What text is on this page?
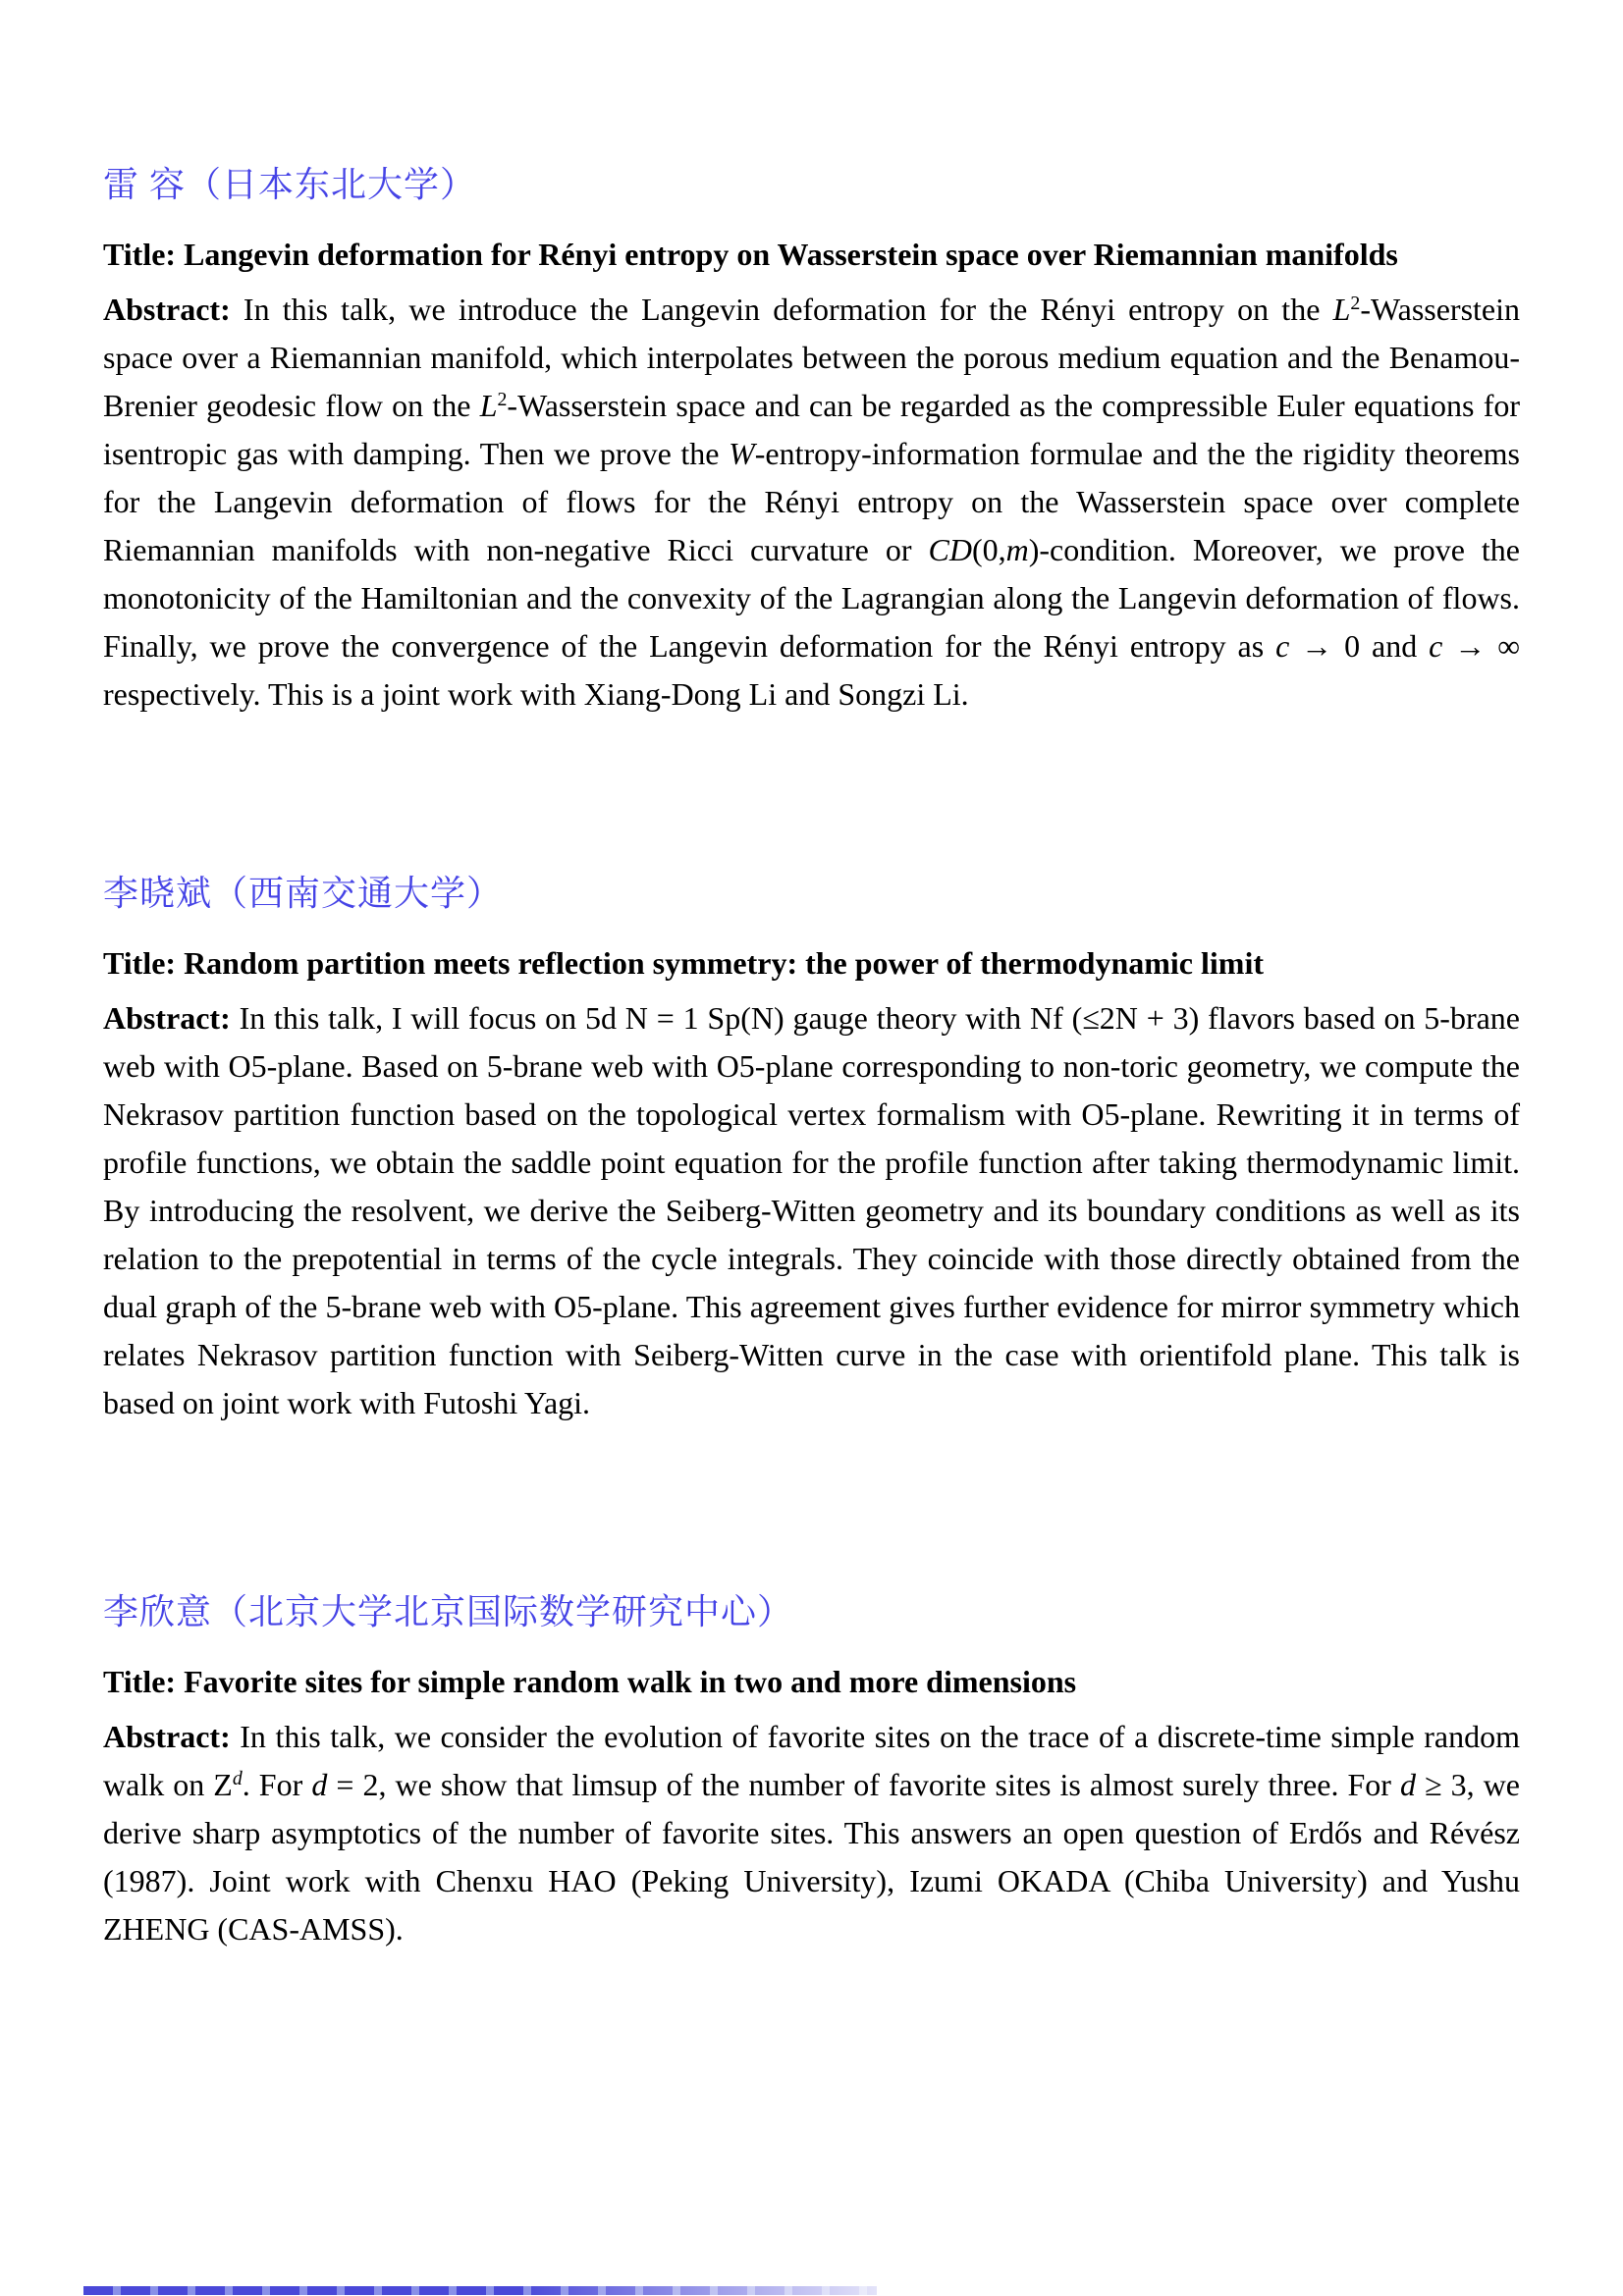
雷 容（日本东北大学）

Title: Langevin deformation for Rényi entropy on Wasserstein space over Riemannian manifolds

Abstract: In this talk, we introduce the Langevin deformation for the Rényi entropy on the $L^2$-Wasserstein space over a Riemannian manifold, which interpolates between the porous medium equation and the Benamou-Brenier geodesic flow on the $L^2$-Wasserstein space and can be regarded as the compressible Euler equations for isentropic gas with damping. Then we prove the W-entropy-information formulae and the the rigidity theorems for the Langevin deformation of flows for the Rényi entropy on the Wasserstein space over complete Riemannian manifolds with non-negative Ricci curvature or CD(0,m)-condition. Moreover, we prove the monotonicity of the Hamiltonian and the convexity of the Lagrangian along the Langevin deformation of flows. Finally, we prove the convergence of the Langevin deformation for the Rényi entropy as c → 0 and c → ∞ respectively. This is a joint work with Xiang-Dong Li and Songzi Li.

李晓斌（西南交通大学）

Title: Random partition meets reflection symmetry: the power of thermodynamic limit

Abstract: In this talk, I will focus on 5d N = 1 Sp(N) gauge theory with Nf (≤2N + 3) flavors based on 5-brane web with O5-plane. Based on 5-brane web with O5-plane corresponding to non-toric geometry, we compute the Nekrasov partition function based on the topological vertex formalism with O5-plane. Rewriting it in terms of profile functions, we obtain the saddle point equation for the profile function after taking thermodynamic limit. By introducing the resolvent, we derive the Seiberg-Witten geometry and its boundary conditions as well as its relation to the prepotential in terms of the cycle integrals. They coincide with those directly obtained from the dual graph of the 5-brane web with O5-plane. This agreement gives further evidence for mirror symmetry which relates Nekrasov partition function with Seiberg-Witten curve in the case with orientifold plane. This talk is based on joint work with Futoshi Yagi.

李欣意（北京大学北京国际数学研究中心）

Title: Favorite sites for simple random walk in two and more dimensions

Abstract: In this talk, we consider the evolution of favorite sites on the trace of a discrete-time simple random walk on $Z^d$. For d = 2, we show that limsup of the number of favorite sites is almost surely three. For d ≥ 3, we derive sharp asymptotics of the number of favorite sites. This answers an open question of Erdős and Révész (1987). Joint work with Chenxu HAO (Peking University), Izumi OKADA (Chiba University) and Yushu ZHENG (CAS-AMSS).
